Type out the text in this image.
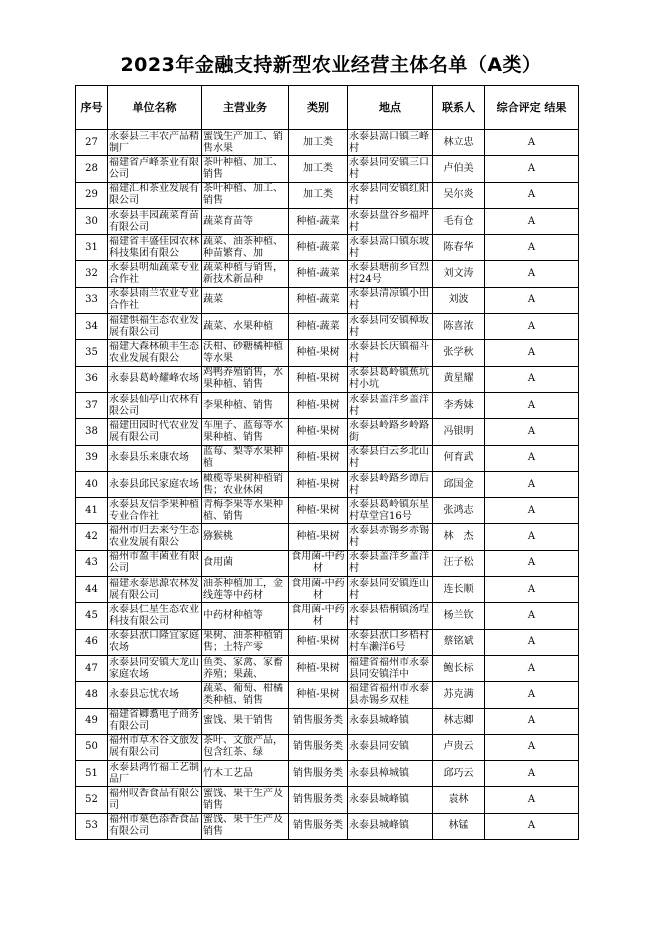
2023年金融支持新型农业经营主体名单（A类）
序号	单位名称	主营业务	类别	地点	联系人	综合评定 结果

27	永泰县三丰农产品精制厂	蜜饯生产加工、销售水果	加工类	永泰县嵩口镇三峰村	林立忠	A

28	福建省卢峰茶业有限公司	茶叶种植、加工、销售	加工类	永泰县同安镇三口村	卢伯美	A

29	福建汇和茶业发展有限公司	茶叶种植、加工、销售	加工类	永泰县同安镇红阳村	吴尔炎	A

30	永泰县丰园蔬菜育苗有限公司	蔬菜育苗等	种植-蔬菜	永泰县盘谷乡福坪村	毛有仓	A

31	福建省丰盛佳园农林科技集团有限公	蔬菜、油茶种植、种苗繁育、加	种植-蔬菜	永泰县嵩口镇东坡村	陈春华	A

32	永泰县明灿蔬菜专业合作社	蔬菜种植与销售，新技术新品种	种植-蔬菜	永泰县塘前乡官烈村24号	刘文涛	A

33	永泰县雨兰农业专业合作社	蔬菜	种植-蔬菜	永泰县清凉镇小田村	刘波	A

34	福建惧福生态农业发展有限公司	蔬菜、水果种植	种植-蔬菜	永泰县同安镇樟坂村	陈喜浓	A

35	福建大森林硕丰生态农业发展有限公	沃柑、砂糖橘种植等水果	种植-果树	永泰县长庆镇福斗村	张学秋	A

36	永泰县葛岭耀峰农场	鸡鸭养殖销售，水果种植、销售	种植-果树	永泰县葛岭镇蕉坑村小坑	黄星耀	A

37	永泰县仙亭山农林有限公司	李果种植、销售	种植-果树	永泰县盖洋乡盖洋村	李秀妹	A

38	福建田园时代农业发展有限公司	车厘子、蓝莓等水果种植、销售	种植-果树	永泰县岭路乡岭路街	冯银明	A

39	永泰县乐来康农场	蓝莓、梨等水果种植	种植-果树	永泰县白云乡北山村	何育武	A

40	永泰县邱民家庭农场	橄榄等果树种植销售；农业休闲	种植-果树	永泰县岭路乡谭后村	邱国金	A

41	永泰县友信李果种植专业合作社	青梅李果等水果种植、销售	种植-果树	永泰县葛岭镇东星村草堂宫16号	张鸿志	A

42	福州市归去来兮生态农业发展有限公	猕猴桃	种植-果树	永泰县赤锡乡赤锡村	林　杰	A

43	福州市盈丰菌业有限公司	食用菌	食用菌-中药材	永泰县盖洋乡盖洋村	汪子松	A

44	福建永泰思源农林发展有限公司	油茶种植加工，金线莲等中药材	食用菌-中药材	永泰县同安镇连山村	连长顺	A

45	永泰县仁星生态农业科技有限公司	中药材种植等	食用菌-中药材	永泰县梧桐镇汤埕村	杨兰钦	A

46	永泰县洑口隆宜家庭农场	果树、油茶种植销售；土特产零	种植-果树	永泰县洑口乡梧村村车濑洋6号	蔡铭斌	A

47	永泰县同安镇大龙山家庭农场	鱼类、家禽、家畜养殖；果蔬、	种植-果树	福建省福州市永泰县同安镇洋中	鲍长标	A

48	永泰县忘忧农场	蔬菜、葡萄、柑橘类种植、销售	种植-果树	福建省福州市永泰县赤锡乡双桂	苏克满	A

49	福建省卿翥电子商务有限公司	蜜饯、果干销售	销售服务类	永泰县城峰镇	林志卿	A

50	福州市草木谷文旅发展有限公司	茶叶、文旅产品，包含红茶、绿	销售服务类	永泰县同安镇	卢贵云	A

51	永泰县鸿竹福工艺制品厂	竹木工艺品	销售服务类	永泰县樟城镇	邱巧云	A

52	福州叹香食品有限公司	蜜饯、果干生产及销售	销售服务类	永泰县城峰镇	袁林	A

53	福州市菓色添香食品有限公司	蜜饯、果干生产及销售	销售服务类	永泰县城峰镇	林锰	A
